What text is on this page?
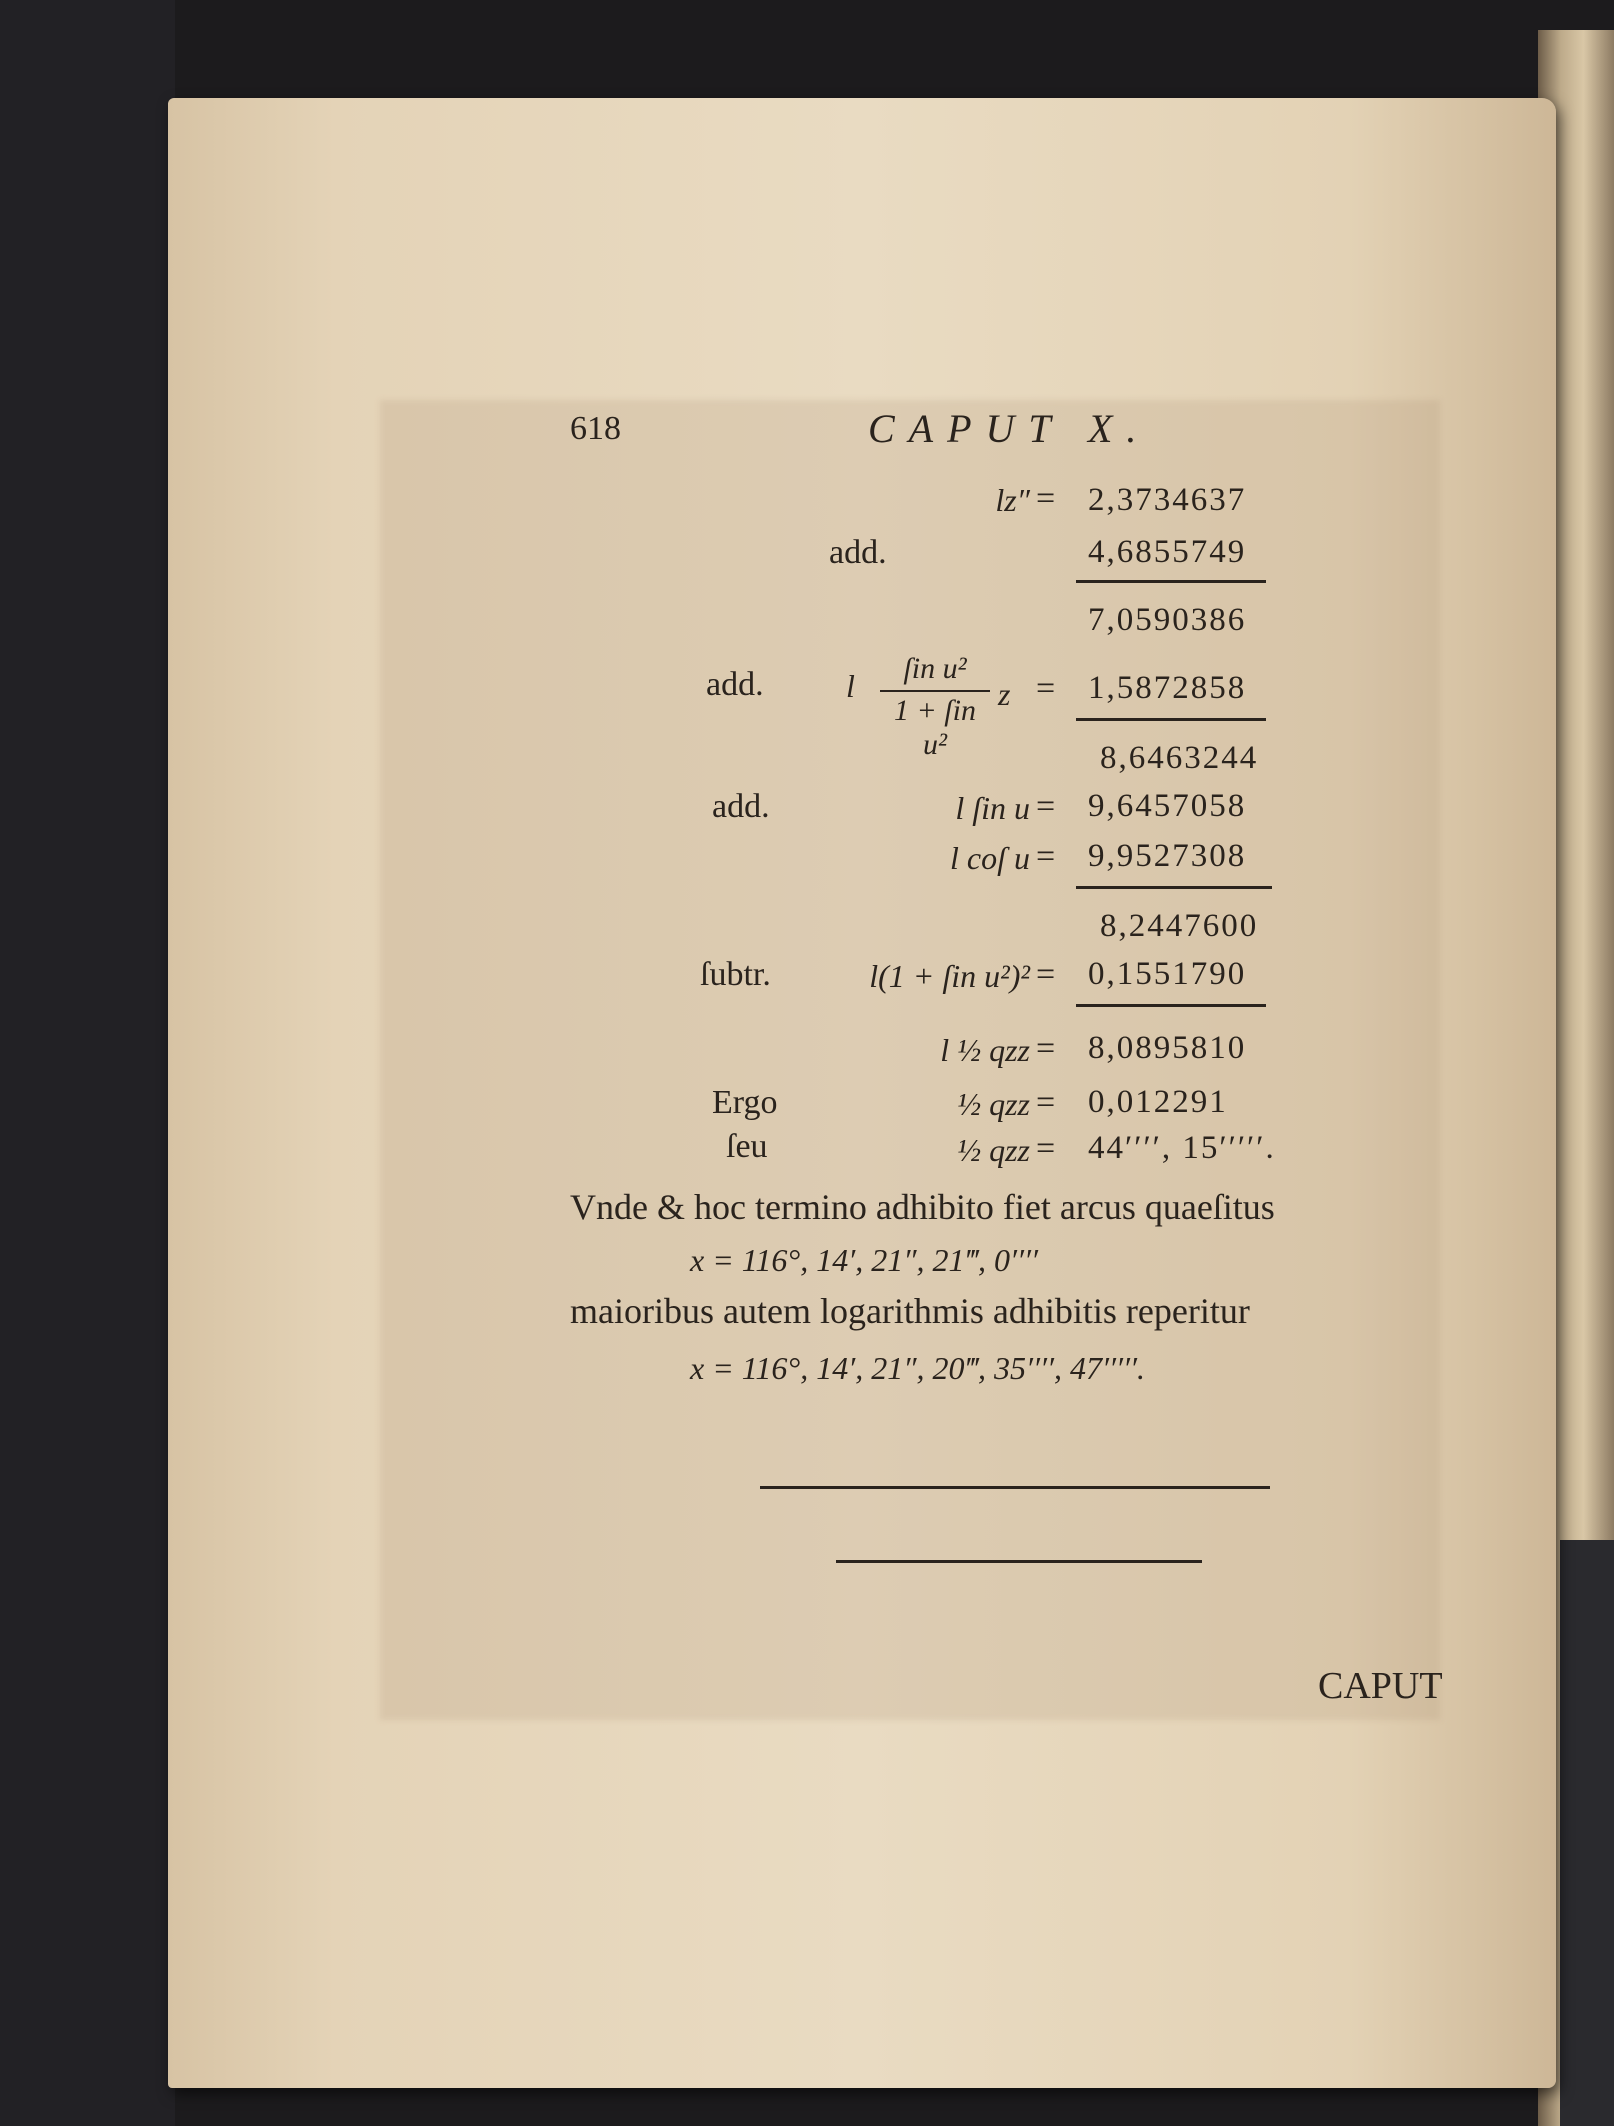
618	CAPUT X.
lz″ = 2,3734637
add.	4,6855749
7,0590386
add.	l	ſin u²
1 + ſin u²
z = 1,5872858
8,6463244
add.	l ſin u = 9,6457058
l coſ u = 9,9527308
8,2447600
ſubtr.	l(1 + ſin u²)² = 0,1551790
l ½ qzz = 8,0895810
Ergo	½ qzz = 0,012291
ſeu	½ qzz = 44′′′′, 15′′′′′.
Vnde & hoc termino adhibito fiet arcus quaeſitus
x = 116°, 14′, 21″, 21‴, 0′′′′
maioribus autem logarithmis adhibitis reperitur
x = 116°, 14′, 21″, 20‴, 35′′′′, 47′′′′′.
CAPUT
